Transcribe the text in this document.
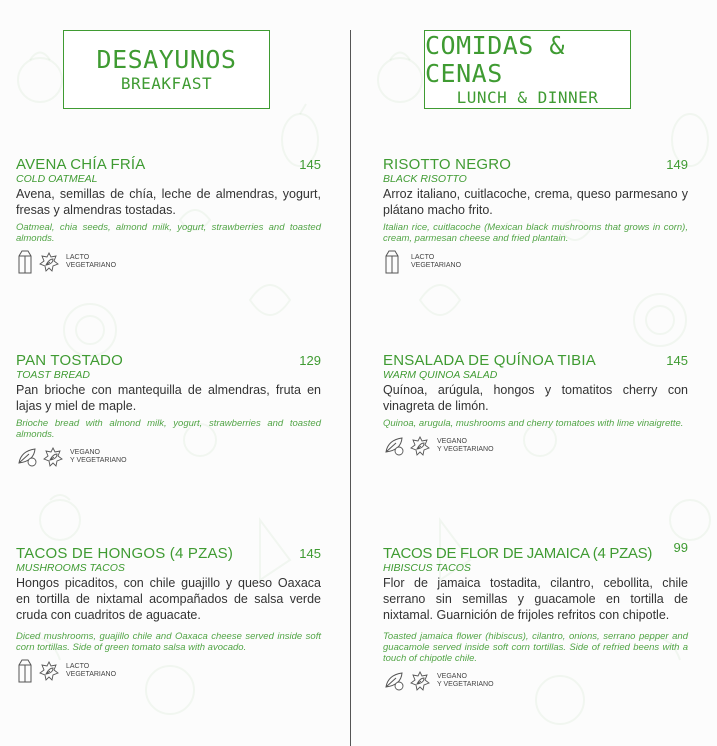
DESAYUNOS
BREAKFAST
COMIDAS & CENAS
LUNCH & DINNER
AVENA CHÍA FRÍA	145
COLD OATMEAL
Avena, semillas de chía, leche de almendras, yogurt, fresas y almendras tostadas.
Oatmeal, chia seeds, almond milk, yogurt, strawberries and toasted almonds.
LACTO
VEGETARIANO
PAN TOSTADO	129
TOAST BREAD
Pan brioche con mantequilla de almendras, fruta en lajas y miel de maple.
Brioche bread with almond milk, yogurt, strawberries and toasted almonds.
VEGANO
Y VEGETARIANO
TACOS DE HONGOS (4 PZAS)	145
MUSHROOMS TACOS
Hongos picaditos, con chile guajillo y queso Oaxaca en tortilla de nixtamal acompañados de salsa verde cruda con cuadritos de aguacate.
Diced mushrooms, guajillo chile and Oaxaca cheese served inside soft corn tortillas. Side of green tomato salsa with avocado.
LACTO
VEGETARIANO
RISOTTO NEGRO	149
BLACK RISOTTO
Arroz italiano, cuitlacoche, crema, queso parmesano y plátano macho frito.
Italian rice, cuitlacoche (Mexican black mushrooms that grows in corn), cream, parmesan cheese and fried plantain.
LACTO
VEGETARIANO
ENSALADA DE QUÍNOA TIBIA	145
WARM QUINOA SALAD
Quínoa, arúgula, hongos y tomatitos cherry con vinagreta de limón.
Quinoa, arugula, mushrooms and cherry tomatoes with lime vinaigrette.
VEGANO
Y VEGETARIANO
TACOS DE FLOR DE JAMAICA (4 PZAS) 99
HIBISCUS TACOS
Flor de jamaica tostadita, cilantro, cebollita, chile serrano sin semillas y guacamole en tortilla de nixtamal. Guarnición de frijoles refritos con chipotle.
Toasted jamaica flower (hibiscus), cilantro, onions, serrano pepper and guacamole served inside soft corn tortillas. Side of refried beens with a touch of chipotle chile.
VEGANO
Y VEGETARIANO
